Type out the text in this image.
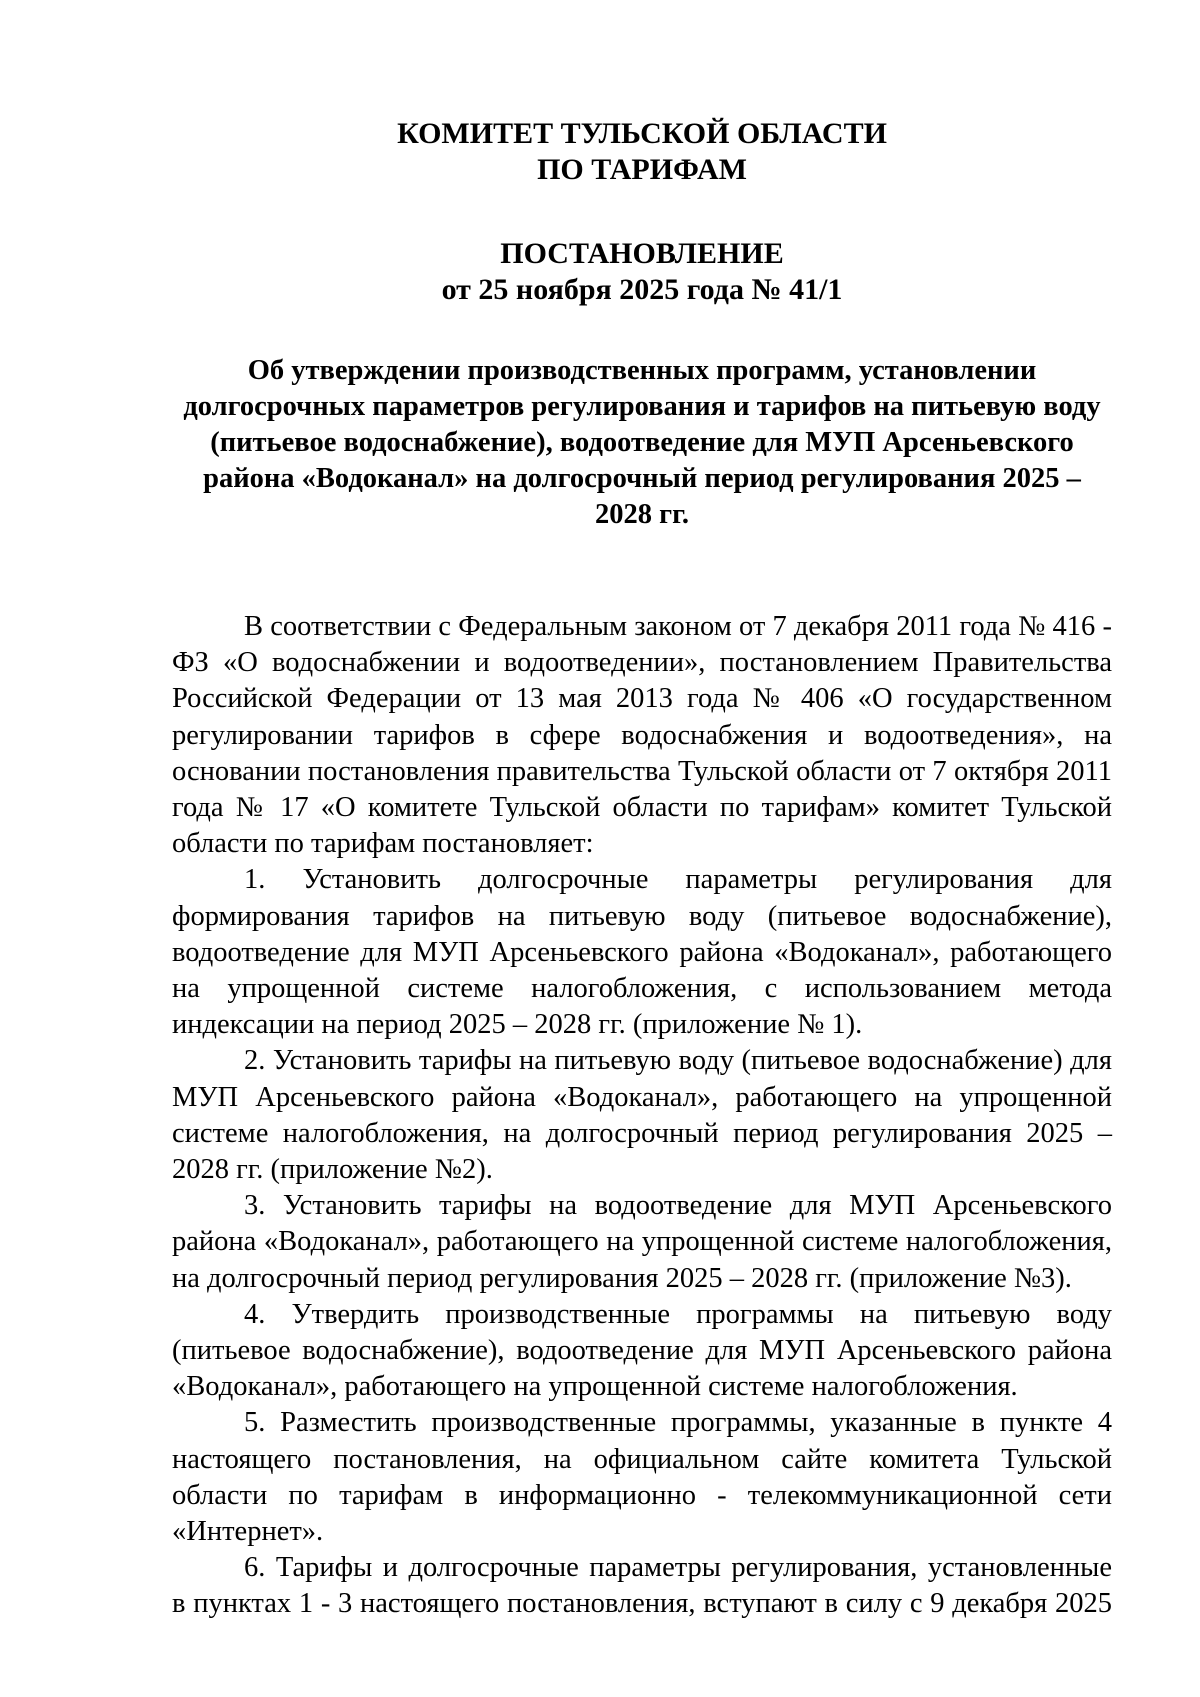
КОМИТЕТ ТУЛЬСКОЙ ОБЛАСТИ

ПО ТАРИФАМ

ПОСТАНОВЛЕНИЕ

от 25 ноября 2025 года № 41/1

Об утверждении производственных программ, установлении долгосрочных параметров регулирования и тарифов на питьевую воду (питьевое водоснабжение), водоотведение для МУП Арсеньевского района «Водоканал» на долгосрочный период регулирования 2025 – 2028 гг.

В соответствии с Федеральным законом от 7 декабря 2011 года № 416 - ФЗ «О водоснабжении и водоотведении», постановлением Правительства Российской Федерации от 13 мая 2013 года № 406 «О государственном регулировании тарифов в сфере водоснабжения и водоотведения», на основании постановления правительства Тульской области от 7 октября 2011 года № 17 «О комитете Тульской области по тарифам» комитет Тульской области по тарифам постановляет:

1. Установить долгосрочные параметры регулирования для формирования тарифов на питьевую воду (питьевое водоснабжение), водоотведение для МУП Арсеньевского района «Водоканал», работающего на упрощенной системе налогобложения, с использованием метода индексации на период 2025 – 2028 гг. (приложение № 1).

2. Установить тарифы на питьевую воду (питьевое водоснабжение) для МУП Арсеньевского района «Водоканал», работающего на упрощенной системе налогобложения, на долгосрочный период регулирования 2025 – 2028 гг. (приложение №2).

3. Установить тарифы на водоотведение для МУП Арсеньевского района «Водоканал», работающего на упрощенной системе налогобложения, на долгосрочный период регулирования 2025 – 2028 гг. (приложение №3).

4. Утвердить производственные программы на питьевую воду (питьевое водоснабжение), водоотведение для МУП Арсеньевского района «Водоканал», работающего на упрощенной системе налогобложения.

5. Разместить производственные программы, указанные в пункте 4 настоящего постановления, на официальном сайте комитета Тульской области по тарифам в информационно - телекоммуникационной сети «Интернет».

6. Тарифы и долгосрочные параметры регулирования, установленные в пунктах 1 - 3 настоящего постановления, вступают в силу с 9 декабря 2025
